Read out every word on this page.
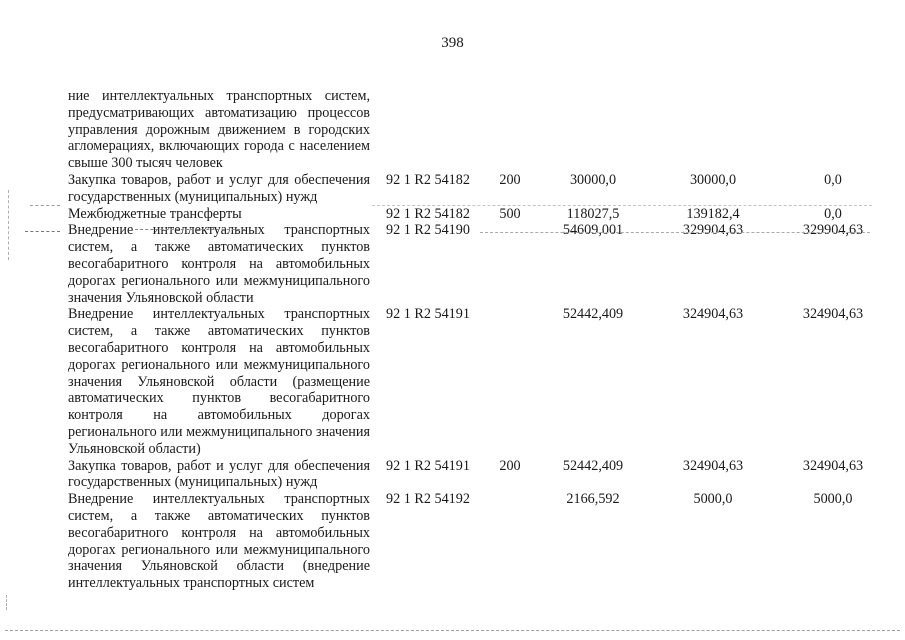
398
ние интеллектуальных транспортных систем, предусматривающих автоматизацию процессов управления дорожным движением в городских агломерациях, включающих города с населением свыше 300 тысяч человек
Закупка товаров, работ и услуг для обеспечения государственных (муниципальных) нужд
92 1 R2 54182	200	30000,0	30000,0	0,0
Межбюджетные трансферты	92 1 R2 54182	500	118027,5	139182,4	0,0
Внедрение интеллектуальных транспортных систем, а также автоматических пунктов весогабаритного контроля на автомобильных дорогах регионального или межмуниципального значения Ульяновской области
92 1 R2 54190	54609,001	329904,63	329904,63
Внедрение интеллектуальных транспортных систем, а также автоматических пунктов весогабаритного контроля на автомобильных дорогах регионального или межмуниципального значения Ульяновской области (размещение автоматических пунктов весогабаритного контроля на автомобильных дорогах регионального или межмуниципального значения Ульяновской области)
92 1 R2 54191	52442,409	324904,63	324904,63
Закупка товаров, работ и услуг для обеспечения государственных (муниципальных) нужд
92 1 R2 54191	200	52442,409	324904,63	324904,63
Внедрение интеллектуальных транспортных систем, а также автоматических пунктов весогабаритного контроля на автомобильных дорогах регионального или межмуниципального значения Ульяновской области (внедрение интеллектуальных транспортных систем
92 1 R2 54192	2166,592	5000,0	5000,0
